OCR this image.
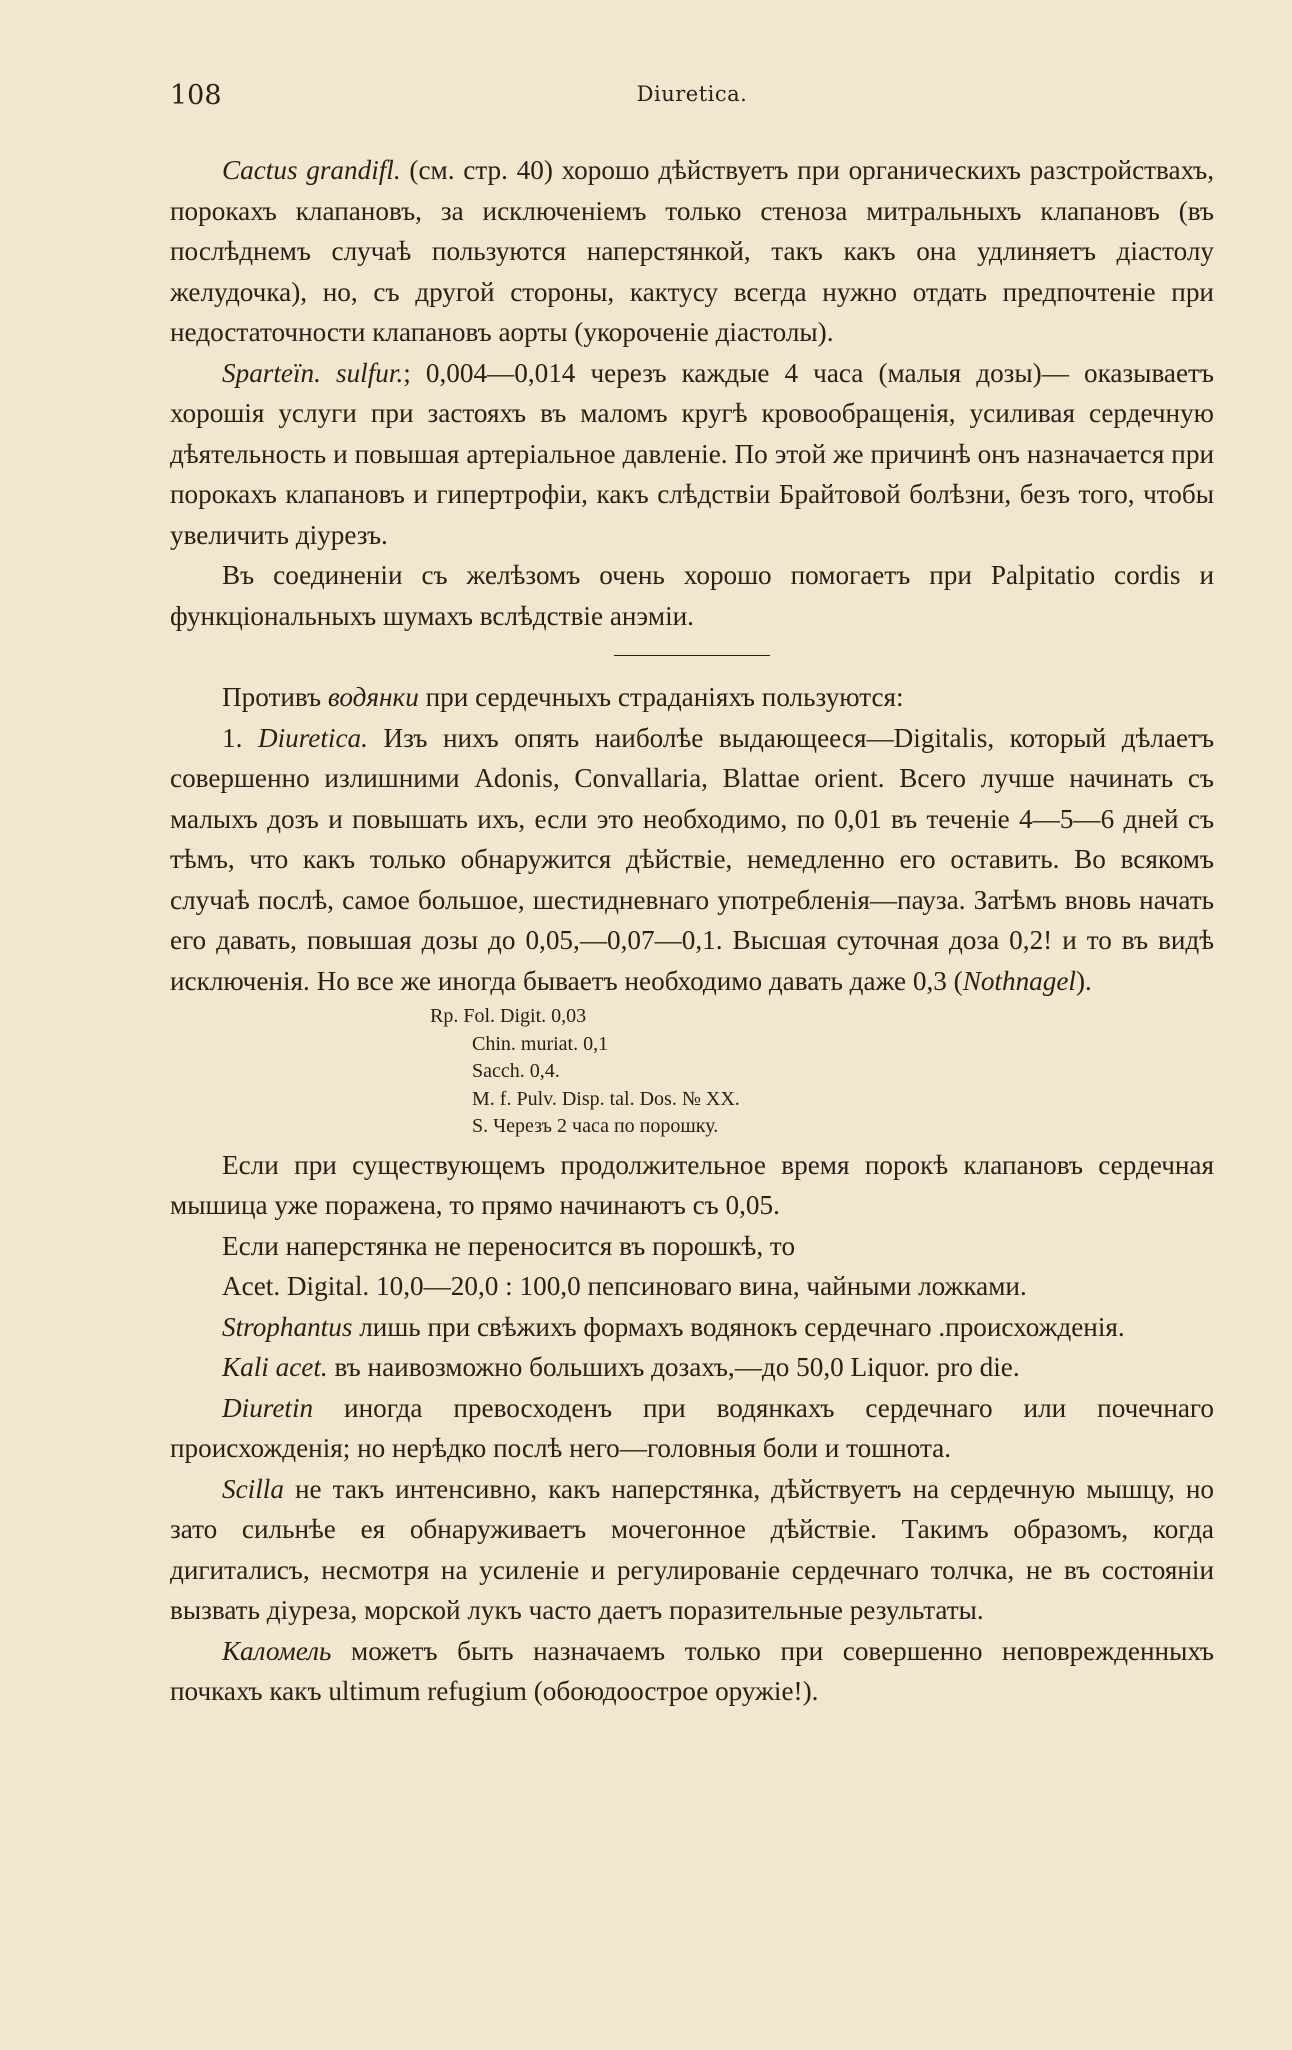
108	Diuretica.

Cactus grandifl. (см. стр. 40) хорошо дѣйствуетъ при органическихъ разстройствахъ, порокахъ клапановъ, за исключеніемъ только стеноза митральныхъ клапановъ (въ послѣднемъ случаѣ пользуются наперстянкой, такъ какъ она удлиняетъ діастолу желудочка), но, съ другой стороны, кактусу всегда нужно отдать предпочтеніе при недостаточности клапановъ аорты (укороченіе діастолы).

Sparteїn. sulfur.; 0,004—0,014 черезъ каждые 4 часа (малыя дозы)— оказываетъ хорошія услуги при застояхъ въ маломъ кругѣ кровообращенія, усиливая сердечную дѣятельность и повышая артеріальное давленіе. По этой же причинѣ онъ назначается при порокахъ клапановъ и гипертрофіи, какъ слѣдствіи Брайтовой болѣзни, безъ того, чтобы увеличить діурезъ.

Въ соединеніи съ желѣзомъ очень хорошо помогаетъ при Palpitatio cordis и функціональныхъ шумахъ вслѣдствіе анэміи.

Противъ водянки при сердечныхъ страданіяхъ пользуются:

1. Diuretica. Изъ нихъ опять наиболѣе выдающееся—Digitalis, который дѣлаетъ совершенно излишними Adonis, Convallaria, Blattae orient. Всего лучше начинать съ малыхъ дозъ и повышать ихъ, если это необходимо, по 0,01 въ теченіе 4—5—6 дней съ тѣмъ, что какъ только обнаружится дѣйствіе, немедленно его оставить. Во всякомъ случаѣ послѣ, самое большое, шестидневнаго употребленія—пауза. Затѣмъ вновь начать его давать, повышая дозы до 0,05,—0,07—0,1. Высшая суточная доза 0,2! и то въ видѣ исключенія. Но все же иногда бываетъ необходимо давать даже 0,3 (Nothnagel).

Rp. Fol. Digit. 0,03
Chin. muriat. 0,1
Sacch. 0,4.
M. f. Pulv. Disp. tal. Dos. № XX.
S. Черезъ 2 часа по порошку.

Если при существующемъ продолжительное время порокѣ клапановъ сердечная мышица уже поражена, то прямо начинаютъ съ 0,05.

Если наперстянка не переносится въ порошкѣ, то

Acet. Digital. 10,0—20,0 : 100,0 пепсиноваго вина, чайными ложками.

Strophantus лишь при свѣжихъ формахъ водянокъ сердечнаго .происхожденія.

Kali acet. въ наивозможно большихъ дозахъ,—до 50,0 Liquor. pro die.

Diuretin иногда превосходенъ при водянкахъ сердечнаго или почечнаго происхожденія; но нерѣдко послѣ него—головныя боли и тошнота.

Scilla не такъ интенсивно, какъ наперстянка, дѣйствуетъ на сердечную мышцу, но зато сильнѣе ея обнаруживаетъ мочегонное дѣйствіе. Такимъ образомъ, когда дигиталисъ, несмотря на усиленіе и регулированіе сердечнаго толчка, не въ состояніи вызвать діуреза, морской лукъ часто даетъ поразительные результаты.

Каломель можетъ быть назначаемъ только при совершенно неповрежденныхъ почкахъ какъ ultimum refugium (обоюдоострое оружіе!).
